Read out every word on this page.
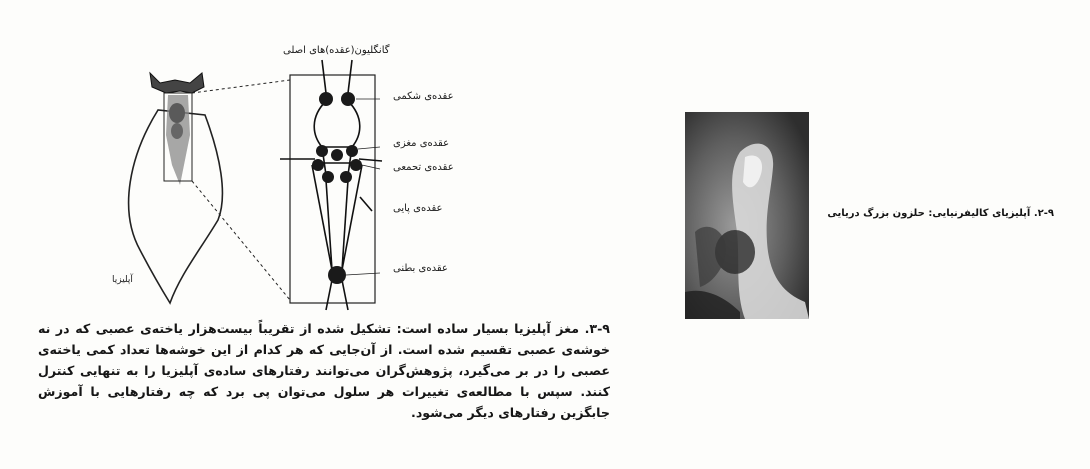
گانگلیون(عقده)های اصلی
عقده‌ی شکمی
عقده‌ی مغزی
عقده‌ی تحمعی
عقده‌ی پایی
عقده‌ی بطنی
آپلیزیا
۳-۹. مغز آپلیزیا بسیار ساده است: تشکیل شده از تقریباً بیست‌هزار یاخته‌ی عصبی که در نه خوشه‌ی عصبی تقسیم شده است. از آن‌جایی که هر کدام از این خوشه‌ها تعداد کمی یاخته‌ی عصبی را در بر می‌گیرد، پژوهش‌گران می‌توانند رفتارهای ساده‌ی آپلیزیا را به تنهایی کنترل کنند. سپس با مطالعه‌ی تغییرات هر سلول می‌توان پی برد که چه رفتارهایی با آموزش جابگزین رفتارهای دیگر می‌شود.
۲-۹. آپلیزیای کالیفرنیایی: حلزون بزرگ دریایی
